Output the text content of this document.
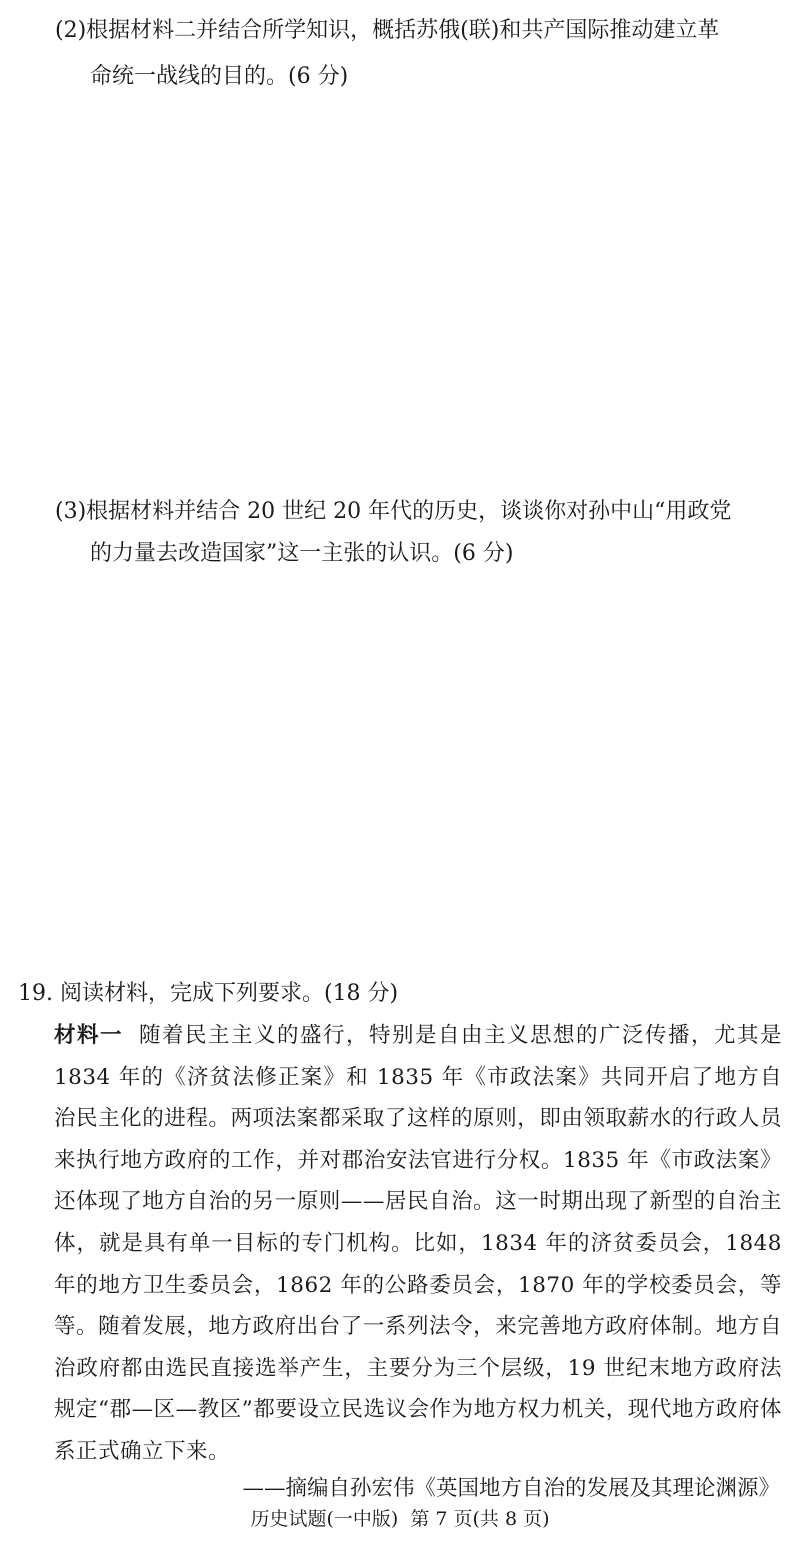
(2)根据材料二并结合所学知识，概括苏俄(联)和共产国际推动建立革
命统一战线的目的。(6 分)
(3)根据材料并结合 20 世纪 20 年代的历史，谈谈你对孙中山“用政党
的力量去改造国家”这一主张的认识。(6 分)
19. 阅读材料，完成下列要求。(18 分)
材料一 随着民主主义的盛行，特别是自由主义思想的广泛传播，尤其是 1834 年的《济贫法修正案》和 1835 年《市政法案》共同开启了地方自治民主化的进程。两项法案都采取了这样的原则，即由领取薪水的行政人员来执行地方政府的工作，并对郡治安法官进行分权。1835 年《市政法案》还体现了地方自治的另一原则——居民自治。这一时期出现了新型的自治主体，就是具有单一目标的专门机构。比如，1834 年的济贫委员会，1848 年的地方卫生委员会，1862 年的公路委员会，1870 年的学校委员会，等等。随着发展，地方政府出台了一系列法令，来完善地方政府体制。地方自治政府都由选民直接选举产生，主要分为三个层级，19 世纪末地方政府法规定“郡—区—教区”都要设立民选议会作为地方权力机关，现代地方政府体系正式确立下来。
——摘编自孙宏伟《英国地方自治的发展及其理论渊源》
历史试题(一中版) 第 7 页(共 8 页)
